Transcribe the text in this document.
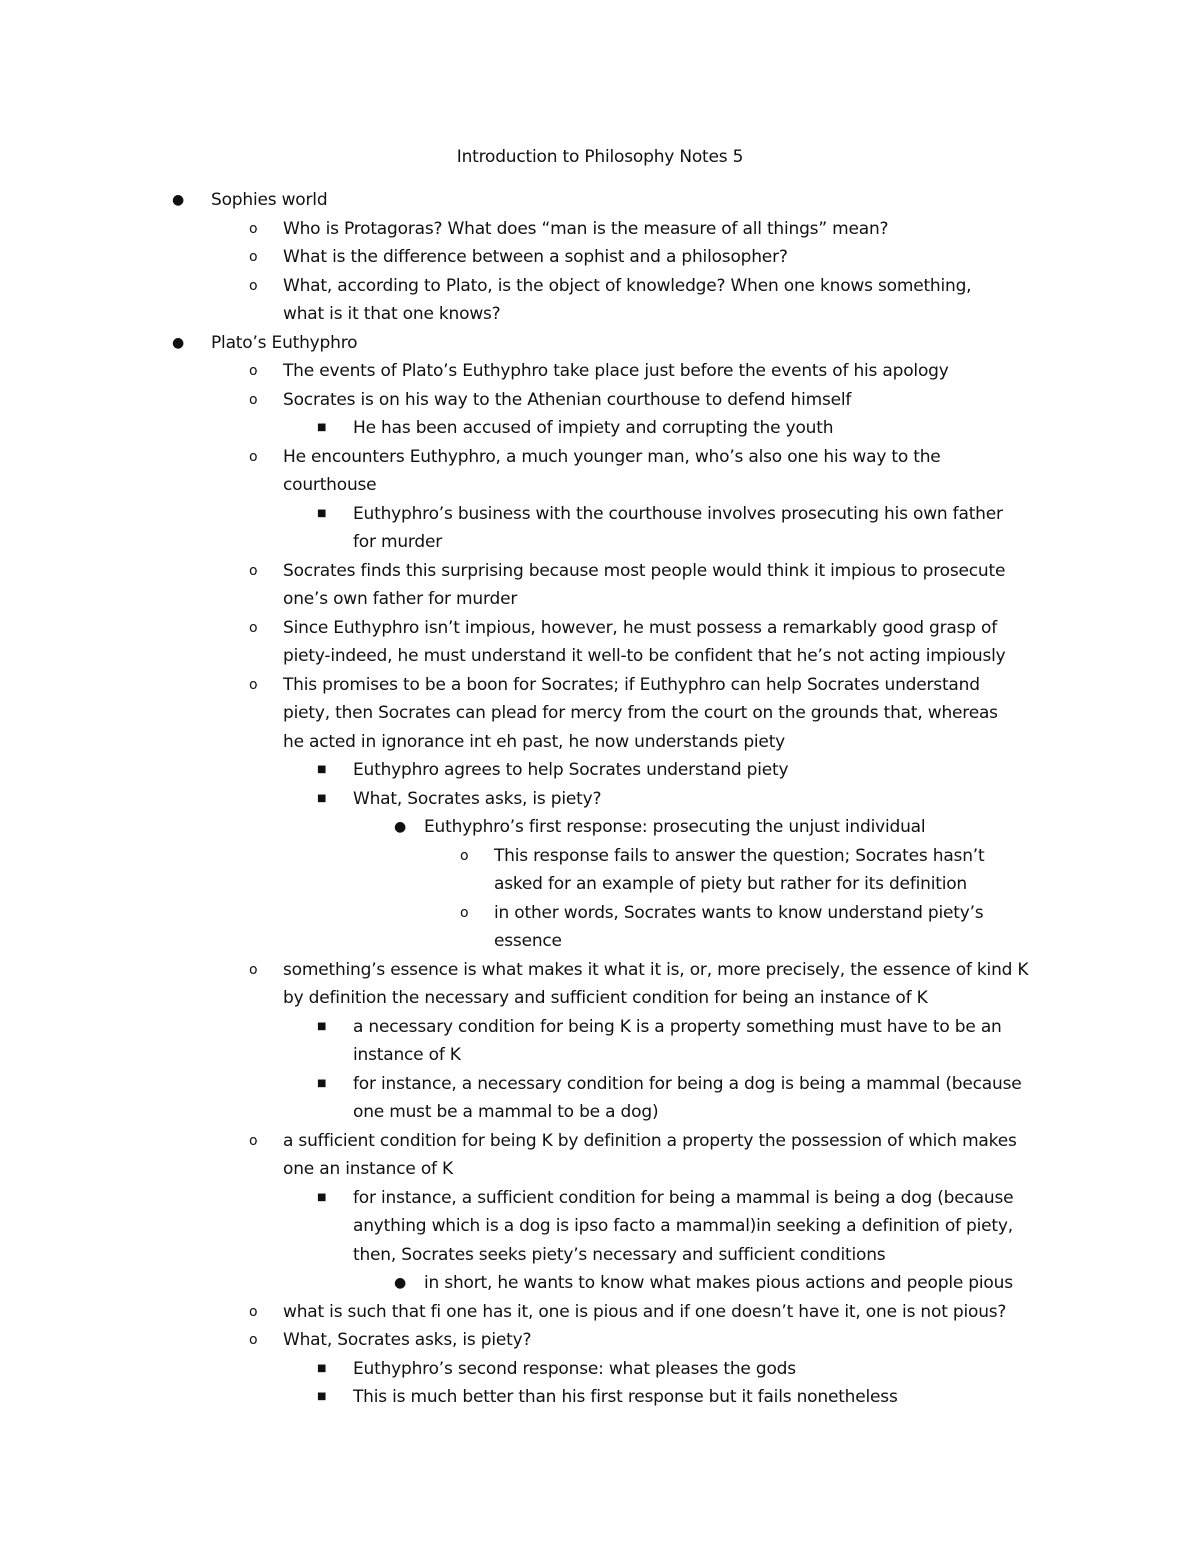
Introduction to Philosophy Notes 5
● Sophies world
o Who is Protagoras? What does “man is the measure of all things” mean?
o What is the difference between a sophist and a philosopher?
o What, according to Plato, is the object of knowledge? When one knows something,
what is it that one knows?
● Plato’s Euthyphro
o The events of Plato’s Euthyphro take place just before the events of his apology
o Socrates is on his way to the Athenian courthouse to defend himself
■ He has been accused of impiety and corrupting the youth
o He encounters Euthyphro, a much younger man, who’s also one his way to the
courthouse
■ Euthyphro’s business with the courthouse involves prosecuting his own father
for murder
o Socrates finds this surprising because most people would think it impious to prosecute
one’s own father for murder
o Since Euthyphro isn’t impious, however, he must possess a remarkably good grasp of
piety-indeed, he must understand it well-to be confident that he’s not acting impiously
o This promises to be a boon for Socrates; if Euthyphro can help Socrates understand
piety, then Socrates can plead for mercy from the court on the grounds that, whereas
he acted in ignorance int eh past, he now understands piety
■ Euthyphro agrees to help Socrates understand piety
■ What, Socrates asks, is piety?
● Euthyphro’s first response: prosecuting the unjust individual
o This response fails to answer the question; Socrates hasn’t
asked for an example of piety but rather for its definition
o in other words, Socrates wants to know understand piety’s
essence
o something’s essence is what makes it what it is, or, more precisely, the essence of kind K
by definition the necessary and sufficient condition for being an instance of K
■ a necessary condition for being K is a property something must have to be an
instance of K
■ for instance, a necessary condition for being a dog is being a mammal (because
one must be a mammal to be a dog)
o a sufficient condition for being K by definition a property the possession of which makes
one an instance of K
■ for instance, a sufficient condition for being a mammal is being a dog (because
anything which is a dog is ipso facto a mammal)in seeking a definition of piety,
then, Socrates seeks piety’s necessary and sufficient conditions
● in short, he wants to know what makes pious actions and people pious
o what is such that fi one has it, one is pious and if one doesn’t have it, one is not pious?
o What, Socrates asks, is piety?
■ Euthyphro’s second response: what pleases the gods
■ This is much better than his first response but it fails nonetheless
